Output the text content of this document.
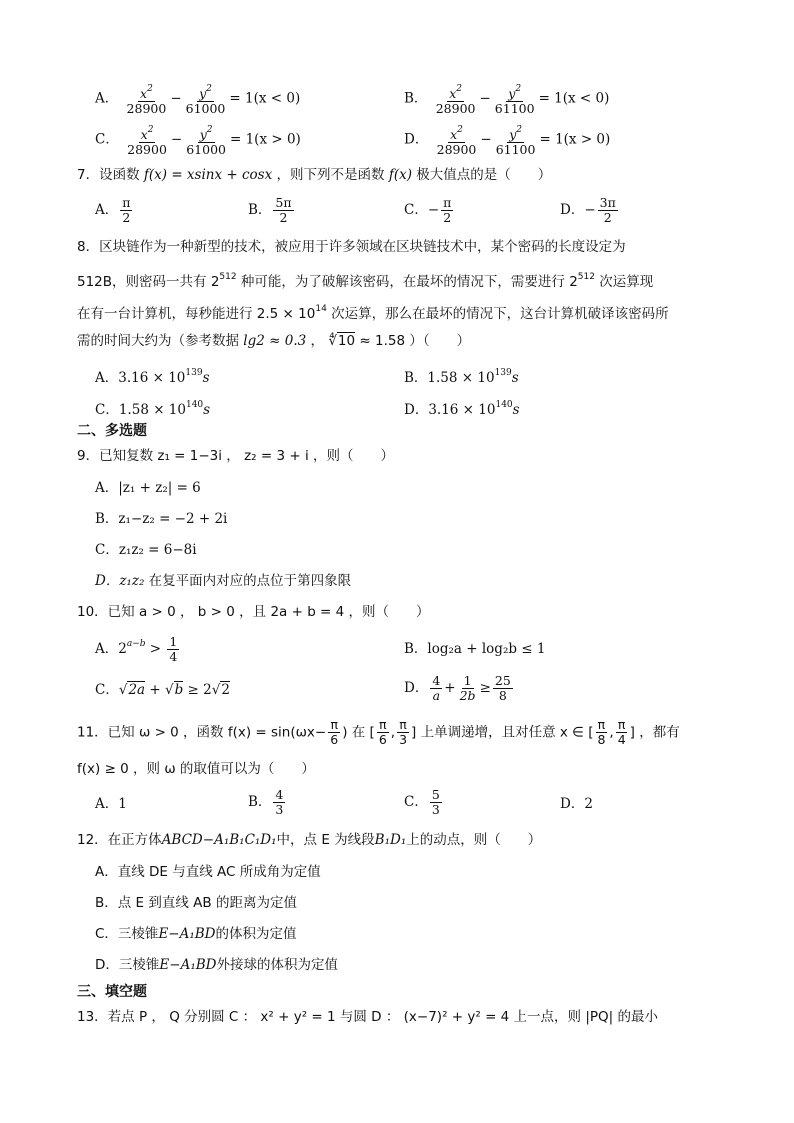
A． $\frac{x^2}{28900} - \frac{y^2}{61000} = 1(x < 0)$	B． $\frac{x^2}{28900} - \frac{y^2}{61100} = 1(x < 0)$
C． $\frac{x^2}{28900} - \frac{y^2}{61000} = 1(x > 0)$	D． $\frac{x^2}{28900} - \frac{y^2}{61100} = 1(x > 0)$
7．设函数 f(x) = xsinx + cosx ，则下列不是函数 f(x) 极大值点的是（　　）
A． $\frac{\pi}{2}$	B． $\frac{5\pi}{2}$	C．− $\frac{\pi}{2}$	D．− $\frac{3\pi}{2}$
8．区块链作为一种新型的技术，被应用于许多领域在区块链技术中，某个密码的长度设定为
512B，则密码一共有 $2^{512}$ 种可能，为了破解该密码，在最坏的情况下，需要进行 $2^{512}$ 次运算现
在有一台计算机，每秒能进行 $2.5 \times 10^{14}$ 次运算，那么在最坏的情况下，这台计算机破译该密码所
需的时间大约为（参考数据 lg2 ≈ 0.3 ， ∜10 ≈ 1.58 ）（　　）
A．$3.16 \times 10^{139}s$	B．$1.58 \times 10^{139}s$
C．$1.58 \times 10^{140}s$	D．$3.16 \times 10^{140}s$
二、多选题
9．已知复数 z₁ = 1−3i ， z₂ = 3 + i ，则（　　）
A．|z₁ + z₂| = 6
B．z₁−z₂ = −2 + 2i
C．z₁z₂ = 6−8i
D．z₁z₂ 在复平面内对应的点位于第四象限
10．已知 a > 0 ， b > 0 ，且 2a + b = 4 ，则（　　）
A．$2^{a-b} > \frac{1}{4}$	B．log₂a + log₂b ≤ 1
C．√2a + √b ≥ 2√2	D． $\frac{4}{a} + \frac{1}{2b} \ge \frac{25}{8}$
11．已知 ω > 0 ，函数 $f(x) = \sin(\omega x- \frac{\pi}{6}$ ) 在 [ $\frac{\pi}{6}$ , $\frac{\pi}{3}$ ] 上单调递增，且对任意 x ∈ [ $\frac{\pi}{8}$ , $\frac{\pi}{4}$ ] ，都有
f(x) ≥ 0 ，则 ω 的取值可以为（　　）
A．1	B． $\frac{4}{3}$	C． $\frac{5}{3}$	D．2
12．在正方体ABCD−A₁B₁C₁D₁中，点 E 为线段B₁D₁上的动点，则（　　）
A．直线 DE 与直线 AC 所成角为定值
B．点 E 到直线 AB 的距离为定值
C．三棱锥E−A₁BD的体积为定值
D．三棱锥E−A₁BD外接球的体积为定值
三、填空题
13．若点 P ， Q 分别圆 C ： x² + y² = 1 与圆 D ： (x−7)² + y² = 4 上一点，则 |PQ| 的最小
